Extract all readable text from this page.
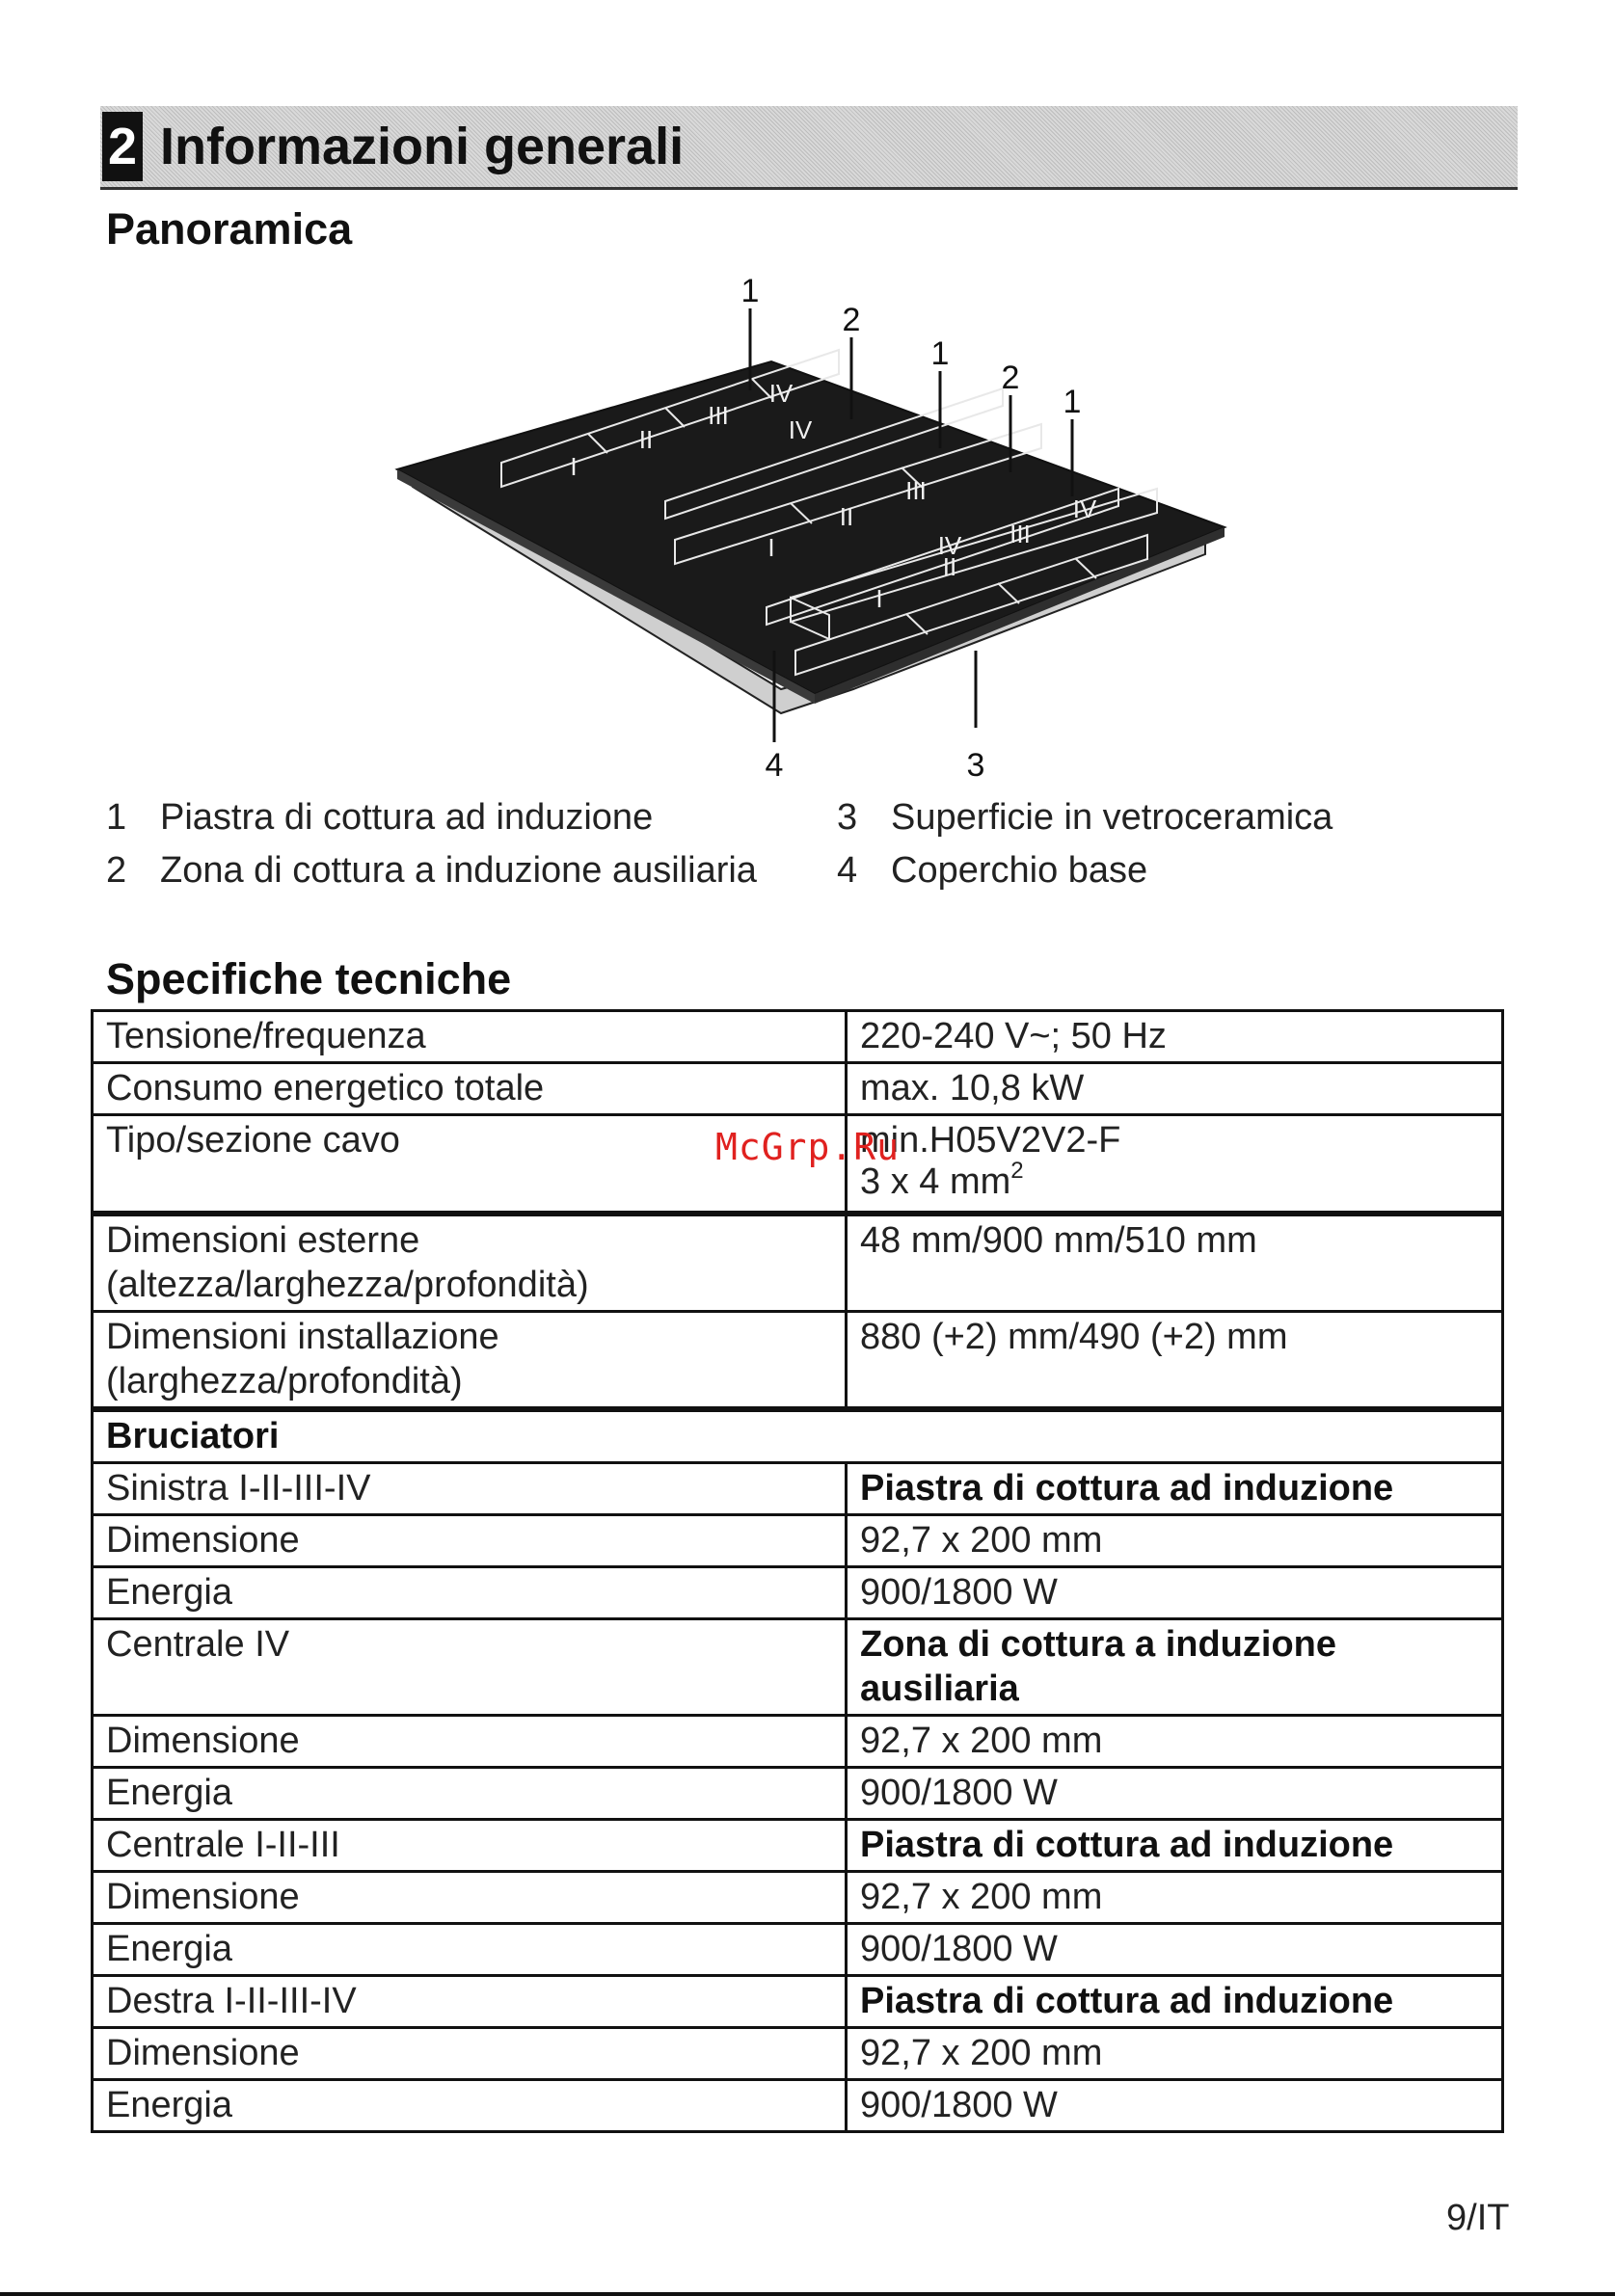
2 Informazioni generali
Panoramica
I
II
III
IV
IV
I
II
III
IV
I
II
III
IV
1
2
1
2
1
4	3
1 Piastra di cottura ad induzione
2 Zona di cottura a induzione ausiliaria
3 Superficie in vetroceramica
4 Coperchio base
Specifiche tecniche
Tensione/frequenza	220-240 V~; 50 Hz
Consumo energetico totale	max. 10,8 kW
Tipo/sezione cavo	min.H05V2V2-F
3 x 4 $mm^2$

Dimensioni esterne
(altezza/larghezza/profondità)	48 mm/900 mm/510 mm

Dimensioni installazione
(larghezza/profondità)	880 (+2) mm/490 (+2) mm
Bruciatori	
Sinistra I-II-III-IV	Piastra di cottura ad induzione
Dimensione	92,7 x 200 mm
Energia	900/1800 W
Centrale IV	Zona di cottura a induzione
ausiliaria

Dimensione	92,7 x 200 mm
Energia	900/1800 W
Centrale I-II-III	Piastra di cottura ad induzione
Dimensione	92,7 x 200 mm
Energia	900/1800 W
Destra I-II-III-IV	Piastra di cottura ad induzione
Dimensione	92,7 x 200 mm
Energia	900/1800 W
McGrp.Ru
9/IT
